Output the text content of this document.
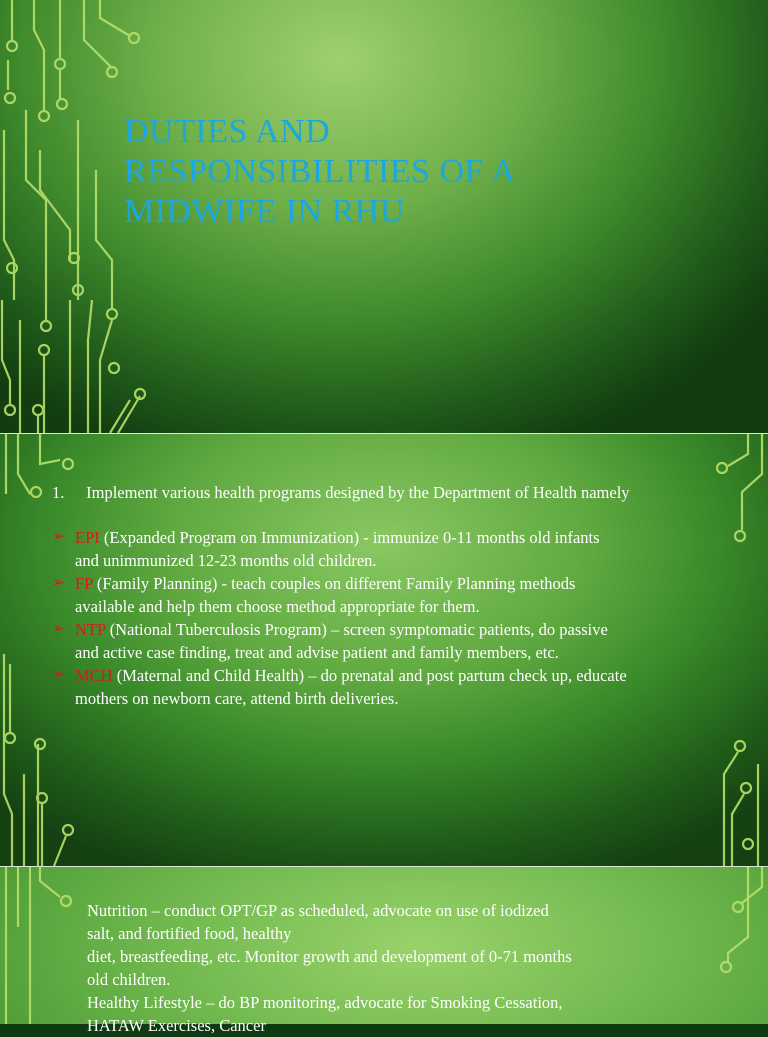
DUTIES AND RESPONSIBILITIES OF A MIDWIFE IN RHU
1. Implement various health programs designed by the Department of Health namely
➢ EPI (Expanded Program on Immunization) - immunize 0-11 months old infants
and unimmunized 12-23 months old children.
➢ FP (Family Planning) - teach couples on different Family Planning methods
available and help them choose method appropriate for them.
➢ NTP (National Tuberculosis Program) – screen symptomatic patients, do passive
and active case finding, treat and advise patient and family members, etc.
➢ MCH (Maternal and Child Health) – do prenatal and post partum check up, educate
mothers on newborn care, attend birth deliveries.
Nutrition – conduct OPT/GP as scheduled, advocate on use of iodized
salt, and fortified food, healthy
diet, breastfeeding, etc. Monitor growth and development of 0-71 months
old children.
Healthy Lifestyle – do BP monitoring, advocate for Smoking Cessation,
HATAW Exercises, Cancer
